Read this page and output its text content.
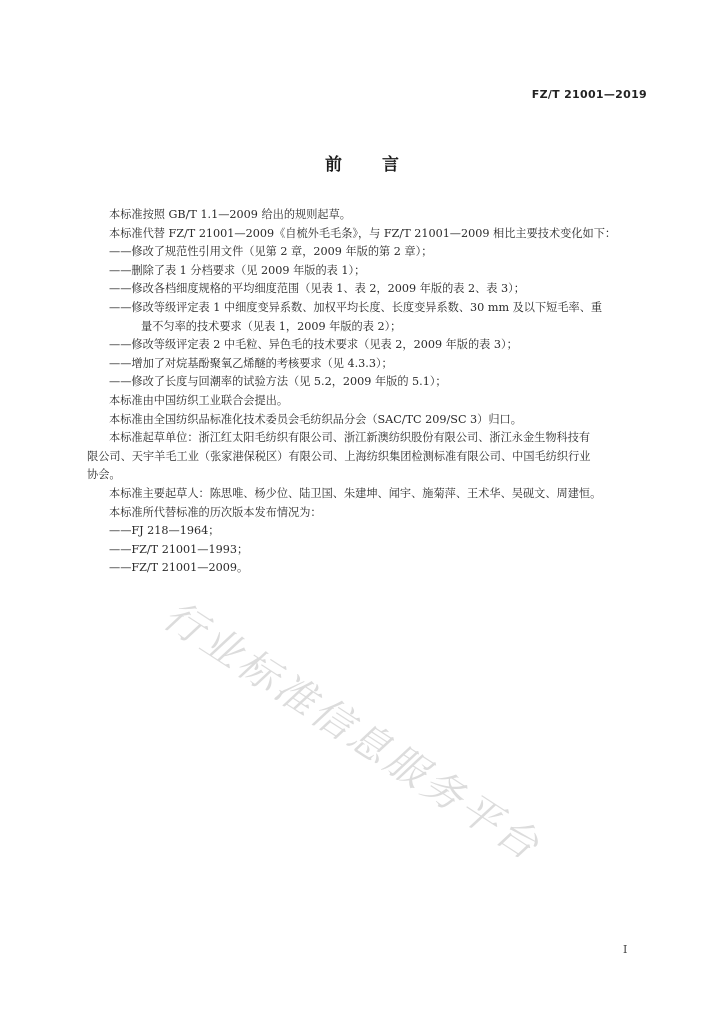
FZ/T 21001—2019
前 言

本标准按照 GB/T 1.1—2009 给出的规则起草。

本标准代替 FZ/T 21001—2009《自梳外毛毛条》，与 FZ/T 21001—2009 相比主要技术变化如下：

——修改了规范性引用文件（见第 2 章，2009 年版的第 2 章）；

——删除了表 1 分档要求（见 2009 年版的表 1）；

——修改各档细度规格的平均细度范围（见表 1、表 2，2009 年版的表 2、表 3）；

——修改等级评定表 1 中细度变异系数、加权平均长度、长度变异系数、30 mm 及以下短毛率、重

量不匀率的技术要求（见表 1，2009 年版的表 2）；

——修改等级评定表 2 中毛粒、异色毛的技术要求（见表 2，2009 年版的表 3）；

——增加了对烷基酚聚氧乙烯醚的考核要求（见 4.3.3）；

——修改了长度与回潮率的试验方法（见 5.2，2009 年版的 5.1）；

本标准由中国纺织工业联合会提出。

本标准由全国纺织品标准化技术委员会毛纺织品分会（SAC/TC 209/SC 3）归口。

本标准起草单位：浙江红太阳毛纺织有限公司、浙江新澳纺织股份有限公司、浙江永金生物科技有

限公司、天宇羊毛工业（张家港保税区）有限公司、上海纺织集团检测标准有限公司、中国毛纺织行业

协会。

本标准主要起草人：陈思唯、杨少位、陆卫国、朱建坤、闻宇、施菊萍、王术华、吴砚文、周建恒。

本标准所代替标准的历次版本发布情况为：

——FJ 218—1964；

——FZ/T 21001—1993；

——FZ/T 21001—2009。

行业标准信息服务平台
I
